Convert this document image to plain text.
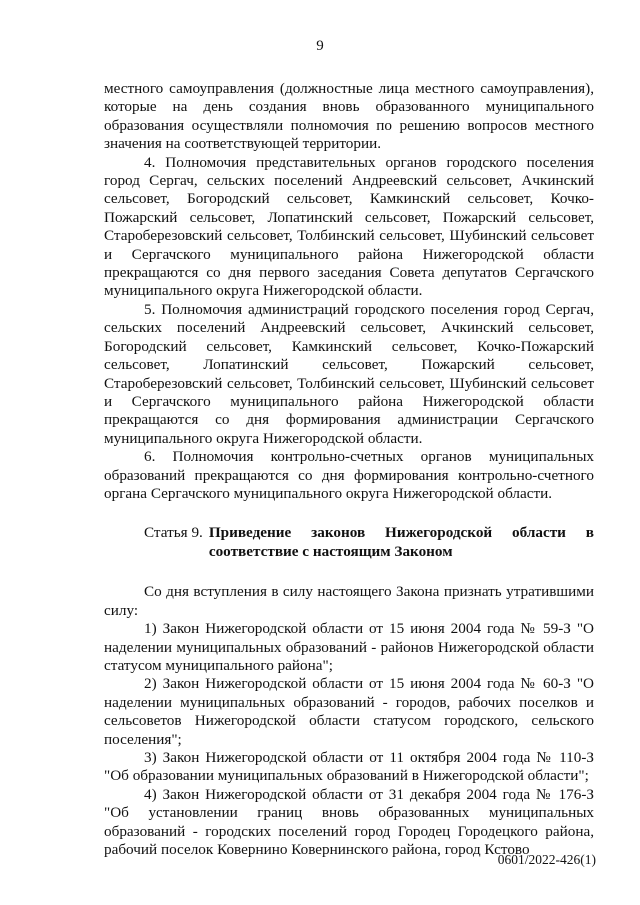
9

местного самоуправления (должностные лица местного самоуправления), которые на день создания вновь образованного муниципального образования осуществляли полномочия по решению вопросов местного значения на соответствующей территории.

4. Полномочия представительных органов городского поселения город Сергач, сельских поселений Андреевский сельсовет, Ачкинский сельсовет, Богородский сельсовет, Камкинский сельсовет, Кочко-Пожарский сельсовет, Лопатинский сельсовет, Пожарский сельсовет, Староберезовский сельсовет, Толбинский сельсовет, Шубинский сельсовет и Сергачского муниципального района Нижегородской области прекращаются со дня первого заседания Совета депутатов Сергачского муниципального округа Нижегородской области.

5. Полномочия администраций городского поселения город Сергач, сельских поселений Андреевский сельсовет, Ачкинский сельсовет, Богородский сельсовет, Камкинский сельсовет, Кочко-Пожарский сельсовет, Лопатинский сельсовет, Пожарский сельсовет, Староберезовский сельсовет, Толбинский сельсовет, Шубинский сельсовет и Сергачского муниципального района Нижегородской области прекращаются со дня формирования администрации Сергачского муниципального округа Нижегородской области.

6. Полномочия контрольно-счетных органов муниципальных образований прекращаются со дня формирования контрольно-счетного органа Сергачского муниципального округа Нижегородской области.

Статья 9. Приведение законов Нижегородской области в соответствие с настоящим Законом

Со дня вступления в силу настоящего Закона признать утратившими силу:

1) Закон Нижегородской области от 15 июня 2004 года № 59-З "О наделении муниципальных образований - районов Нижегородской области статусом муниципального района";

2) Закон Нижегородской области от 15 июня 2004 года № 60-З "О наделении муниципальных образований - городов, рабочих поселков и сельсоветов Нижегородской области статусом городского, сельского поселения";

3) Закон Нижегородской области от 11 октября 2004 года № 110-З "Об образовании муниципальных образований в Нижегородской области";

4) Закон Нижегородской области от 31 декабря 2004 года № 176-З "Об установлении границ вновь образованных муниципальных образований - городских поселений город Городец Городецкого района, рабочий поселок Ковернино Ковернинского района, город Кстово

0601/2022-426(1)
